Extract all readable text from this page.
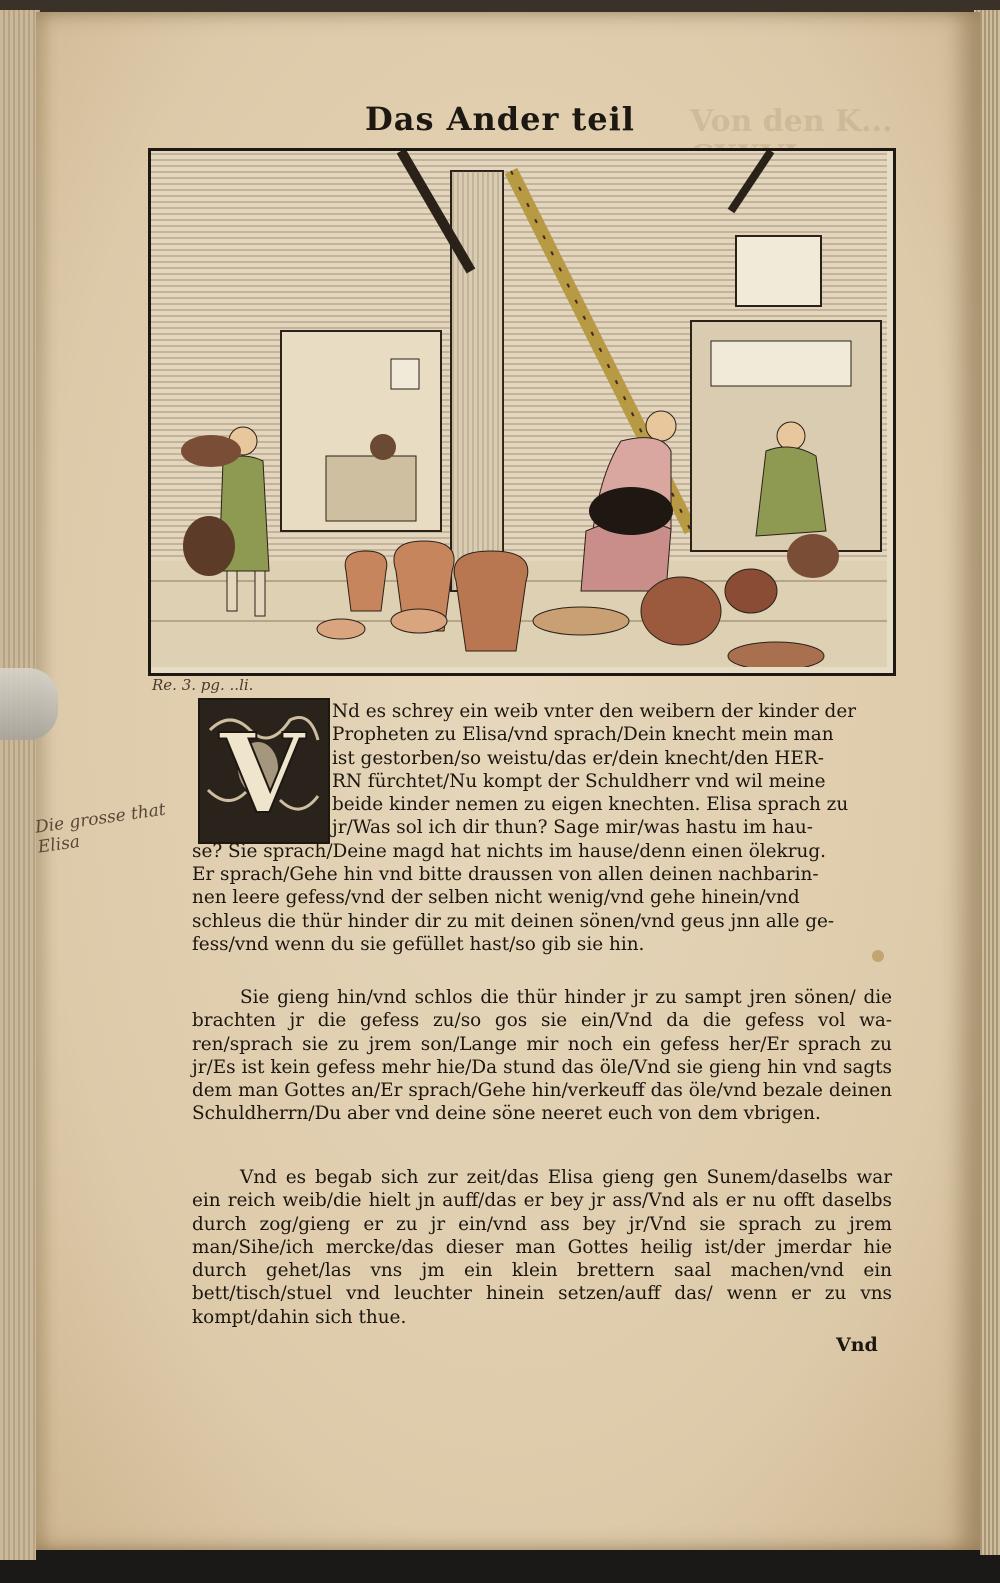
Von den K...
Das Ander teil
Re. 3. pg. ..li.
Die grosse that Elisa
V	Nd es schrey ein weib vnter den weibern der kinder der
Propheten zu Elisa/vnd sprach/Dein knecht mein man
ist gestorben/so weistu/das er/dein knecht/den HER-
RN fürchtet/Nu kompt der Schuldherr vnd wil meine
beide kinder nemen zu eigen knechten. Elisa sprach zu
jr/Was sol ich dir thun? Sage mir/was hastu im hau-
se? Sie sprach/Deine magd hat nichts im hause/denn einen ölekrug.
Er sprach/Gehe hin vnd bitte draussen von allen deinen nachbarin-
nen leere gefess/vnd der selben nicht wenig/vnd gehe hinein/vnd
schleus die thür hinder dir zu mit deinen sönen/vnd geus jnn alle ge-
fess/vnd wenn du sie gefüllet hast/so gib sie hin.

Sie gieng hin/vnd schlos die thür hinder jr zu sampt jren sönen/ die brachten jr die gefess zu/so gos sie ein/Vnd da die gefess vol wa- ren/sprach sie zu jrem son/Lange mir noch ein gefess her/Er sprach zu jr/Es ist kein gefess mehr hie/Da stund das öle/Vnd sie gieng hin vnd sagts dem man Gottes an/Er sprach/Gehe hin/verkeuff das öle/vnd bezale deinen Schuldherrn/Du aber vnd deine söne neeret euch von dem vbrigen.

Vnd es begab sich zur zeit/das Elisa gieng gen Sunem/daselbs war ein reich weib/die hielt jn auff/das er bey jr ass/Vnd als er nu offt daselbs durch zog/gieng er zu jr ein/vnd ass bey jr/Vnd sie sprach zu jrem man/Sihe/ich mercke/das dieser man Gottes heilig ist/der jmerdar hie durch gehet/las vns jm ein klein brettern saal machen/vnd ein bett/tisch/stuel vnd leuchter hinein setzen/auff das/ wenn er zu vns kompt/dahin sich thue.

Vnd
